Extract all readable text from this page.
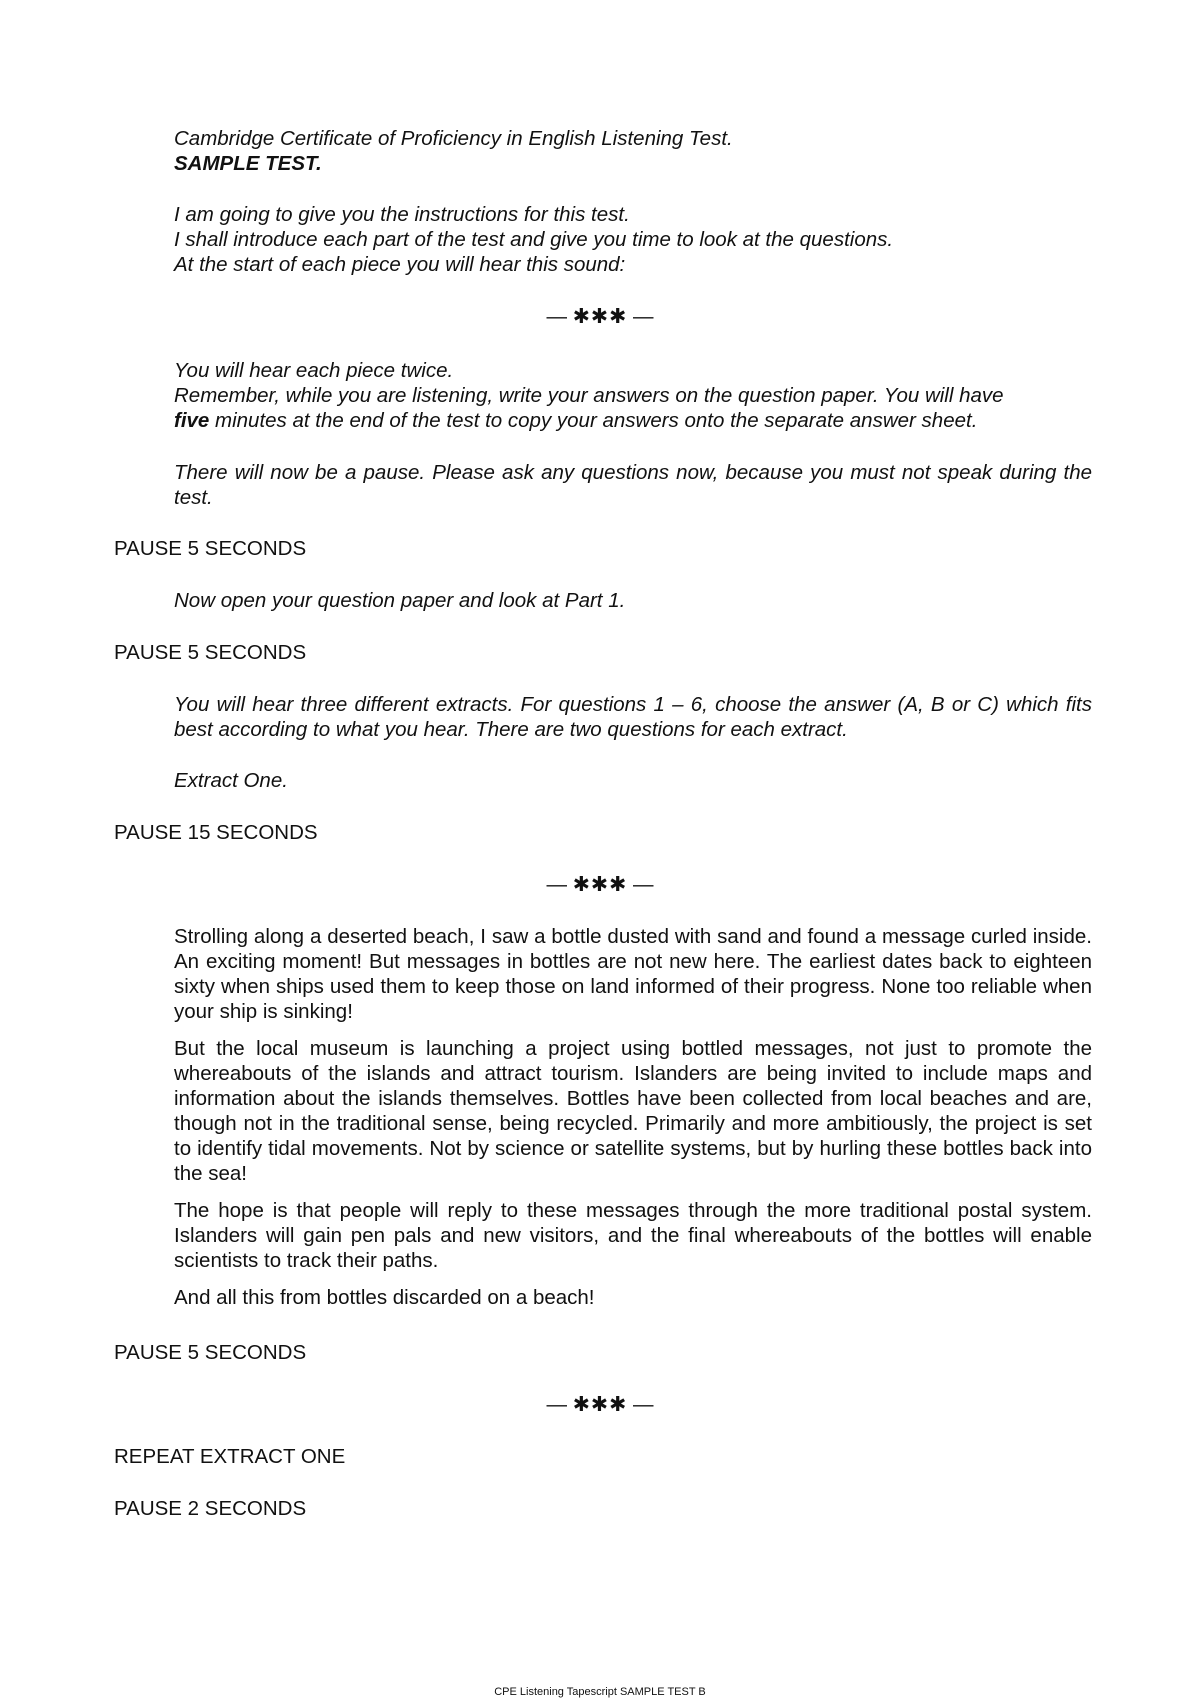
Cambridge Certificate of Proficiency in English Listening Test.
SAMPLE TEST.
I am going to give you the instructions for this test.
I shall introduce each part of the test and give you time to look at the questions.
At the start of each piece you will hear this sound:
— ✱✱✱ —
You will hear each piece twice.
Remember, while you are listening, write your answers on the question paper. You will have
five minutes at the end of the test to copy your answers onto the separate answer sheet.
There will now be a pause. Please ask any questions now, because you must not speak during the test.
PAUSE 5 SECONDS
Now open your question paper and look at Part 1.
PAUSE 5 SECONDS
You will hear three different extracts. For questions 1 – 6, choose the answer (A, B or C) which fits best according to what you hear. There are two questions for each extract.
Extract One.
PAUSE 15 SECONDS
— ✱✱✱ —
Strolling along a deserted beach, I saw a bottle dusted with sand and found a message curled inside. An exciting moment! But messages in bottles are not new here. The earliest dates back to eighteen sixty when ships used them to keep those on land informed of their progress. None too reliable when your ship is sinking!
But the local museum is launching a project using bottled messages, not just to promote the whereabouts of the islands and attract tourism. Islanders are being invited to include maps and information about the islands themselves. Bottles have been collected from local beaches and are, though not in the traditional sense, being recycled. Primarily and more ambitiously, the project is set to identify tidal movements. Not by science or satellite systems, but by hurling these bottles back into the sea!
The hope is that people will reply to these messages through the more traditional postal system. Islanders will gain pen pals and new visitors, and the final whereabouts of the bottles will enable scientists to track their paths.
And all this from bottles discarded on a beach!
PAUSE 5 SECONDS
— ✱✱✱ —
REPEAT EXTRACT ONE
PAUSE 2 SECONDS
CPE Listening Tapescript SAMPLE TEST B
